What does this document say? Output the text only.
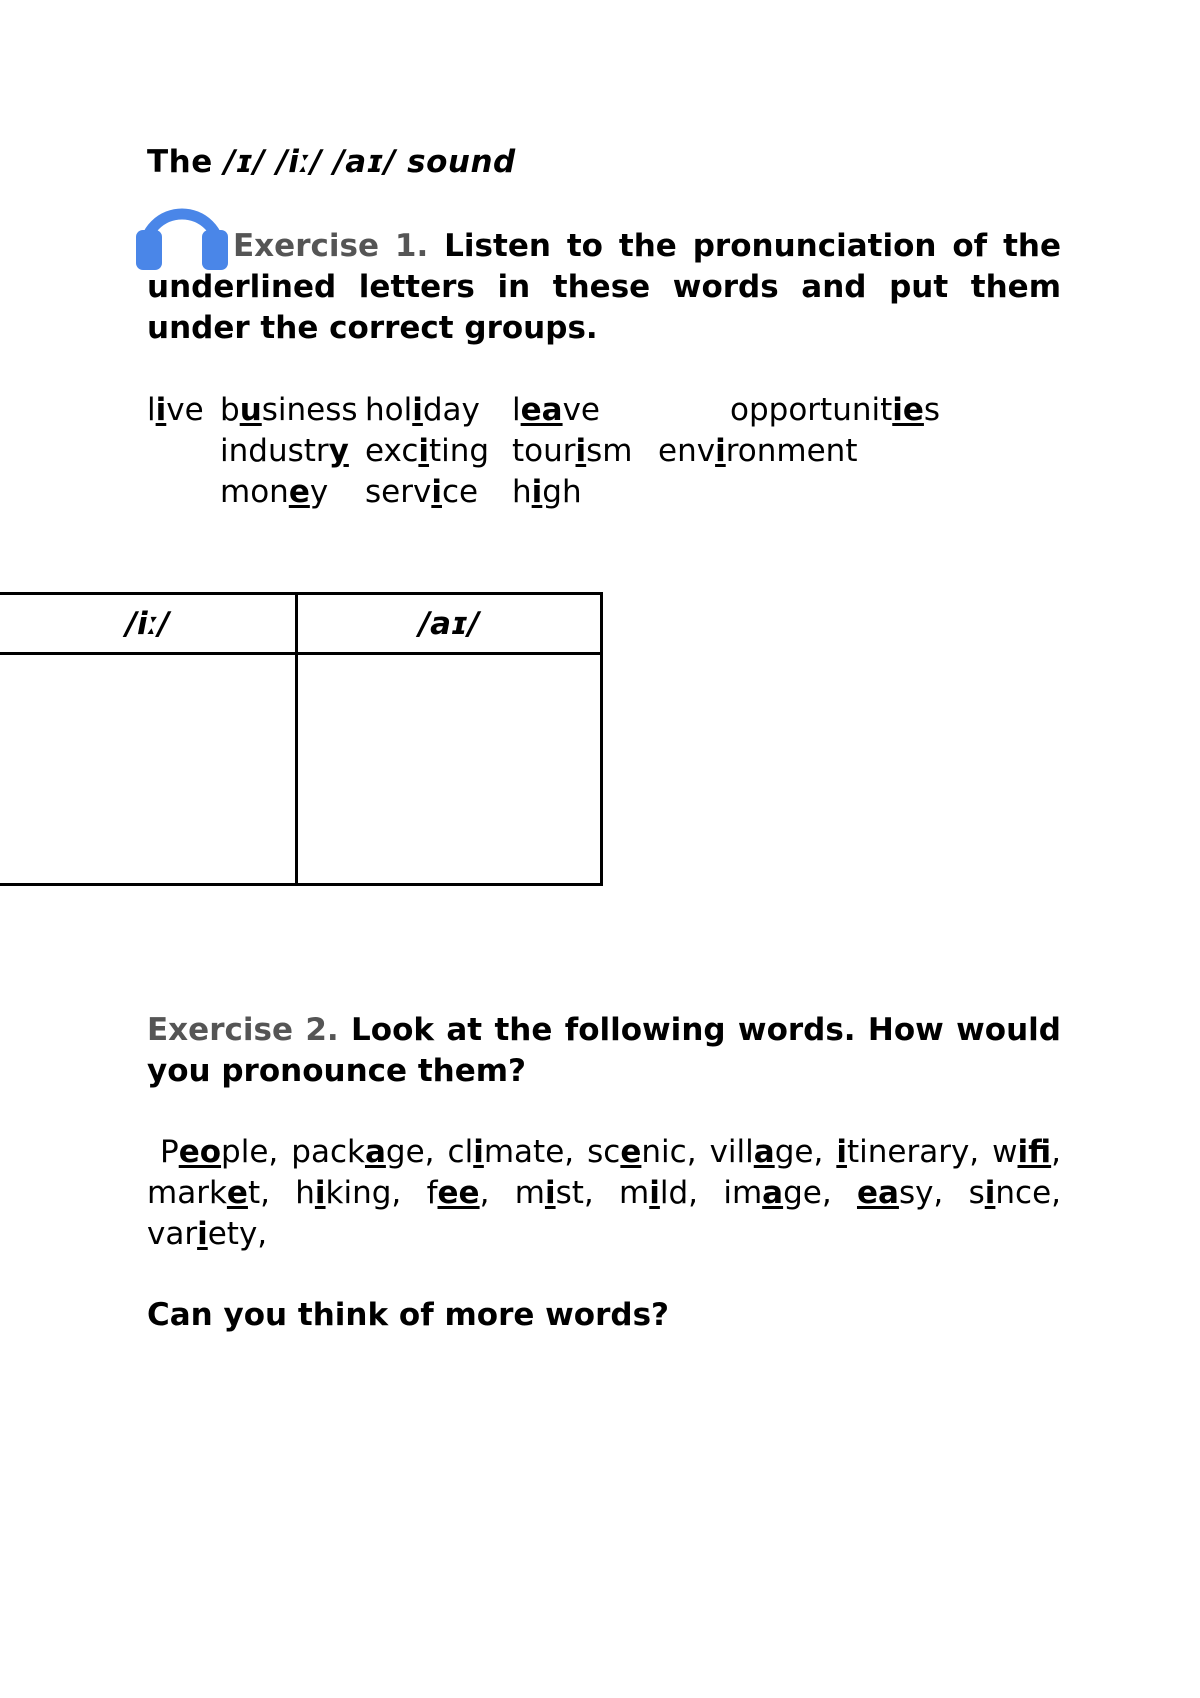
The /ɪ/ /iː/ /aɪ/ sound
Exercise 1. Listen to the pronunciation of the underlined letters in these words and put them under the correct groups.
live business holiday leave	opportunities
industry exciting tourism environment
money service high
/iː/	/aɪ/

Exercise 2. Look at the following words. How would you pronounce them?
People, package, climate, scenic, village, itinerary, wifi, market, hiking, fee, mist, mild, image, easy, since, variety,
Can you think of more words?
